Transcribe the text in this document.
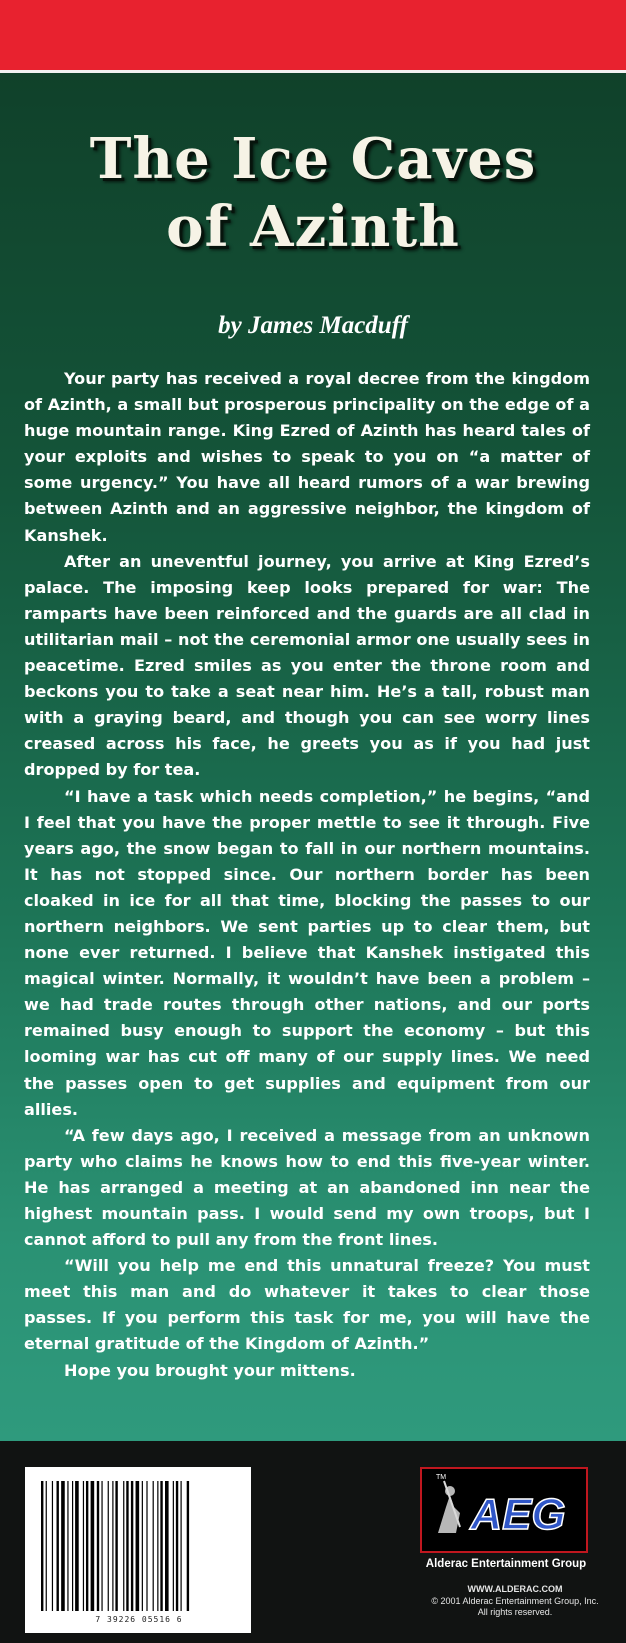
The Ice Caves
of Azinth
by James Macduff

Your party has received a royal decree from the kingdom of Azinth, a small but prosperous principality on the edge of a huge mountain range. King Ezred of Azinth has heard tales of your exploits and wishes to speak to you on “a matter of some urgency.” You have all heard rumors of a war brewing between Azinth and an aggressive neighbor, the kingdom of Kanshek.

After an uneventful journey, you arrive at King Ezred’s palace. The imposing keep looks prepared for war: The ramparts have been reinforced and the guards are all clad in utilitarian mail – not the ceremonial armor one usually sees in peacetime. Ezred smiles as you enter the throne room and beckons you to take a seat near him. He’s a tall, robust man with a graying beard, and though you can see worry lines creased across his face, he greets you as if you had just dropped by for tea.

“I have a task which needs completion,” he begins, “and I feel that you have the proper mettle to see it through. Five years ago, the snow began to fall in our northern mountains. It has not stopped since. Our northern border has been cloaked in ice for all that time, blocking the passes to our northern neighbors. We sent parties up to clear them, but none ever returned. I believe that Kanshek instigated this magical winter. Normally, it wouldn’t have been a problem – we had trade routes through other nations, and our ports remained busy enough to support the economy – but this looming war has cut off many of our supply lines. We need the passes open to get supplies and equipment from our allies.

“A few days ago, I received a message from an unknown party who claims he knows how to end this five-year winter. He has arranged a meeting at an abandoned inn near the highest mountain pass. I would send my own troops, but I cannot afford to pull any from the front lines.

“Will you help me end this unnatural freeze? You must meet this man and do whatever it takes to clear those passes. If you perform this task for me, you will have the eternal gratitude of the Kingdom of Azinth.”

Hope you brought your mittens.

7 39226 05516 6
AEG
TM
Alderac Entertainment Group
WWW.ALDERAC.COM
© 2001 Alderac Entertainment Group, Inc. All rights reserved.
